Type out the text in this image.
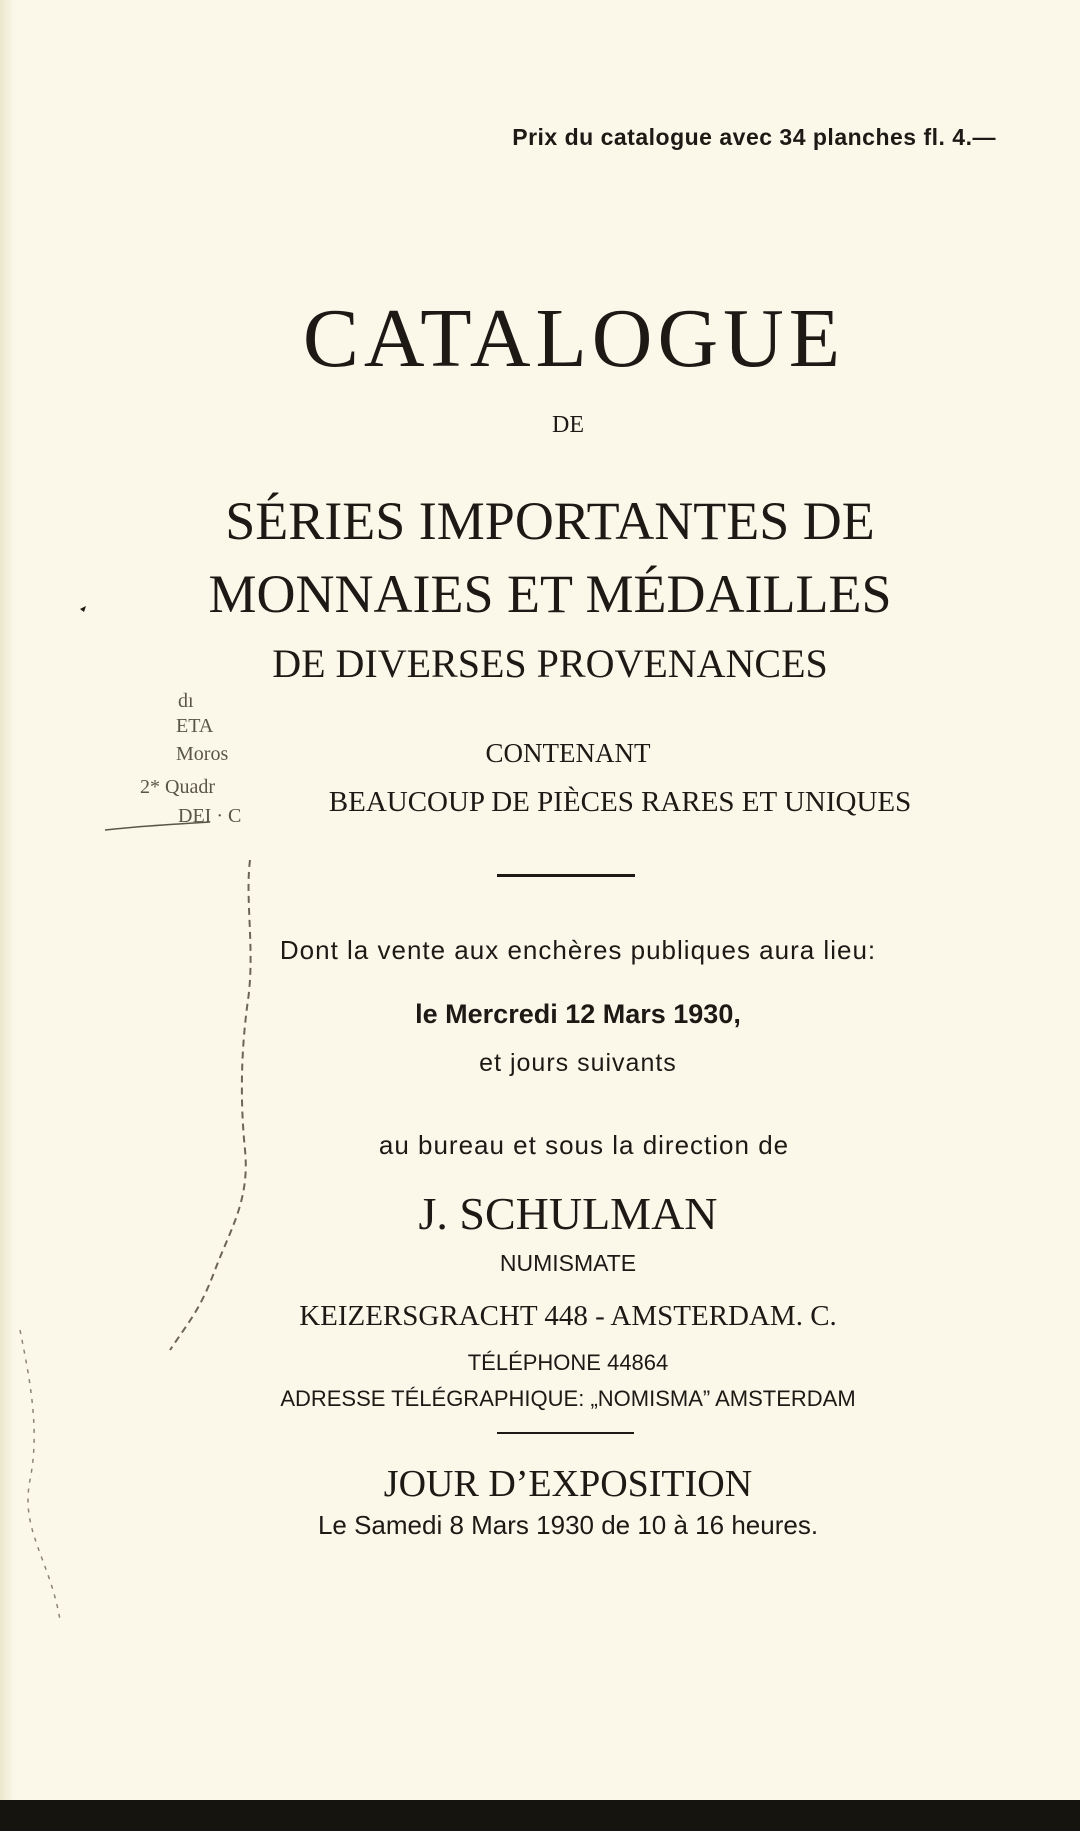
Prix du catalogue avec 34 planches fl. 4.—
CATALOGUE
DE
SÉRIES IMPORTANTES DE
MONNAIES ET MÉDAILLES
DE DIVERSES PROVENANCES
CONTENANT
BEAUCOUP DE PIÈCES RARES ET UNIQUES
dı
ETA
Moros
2* Quadr
DEI · C
Dont la vente aux enchères publiques aura lieu:
le Mercredi 12 Mars 1930,
et jours suivants
au bureau et sous la direction de
J. SCHULMAN
NUMISMATE
KEIZERSGRACHT 448 - AMSTERDAM. C.
TÉLÉPHONE 44864
ADRESSE TÉLÉGRAPHIQUE: „NOMISMA” AMSTERDAM
JOUR D’EXPOSITION
Le Samedi 8 Mars 1930 de 10 à 16 heures.
